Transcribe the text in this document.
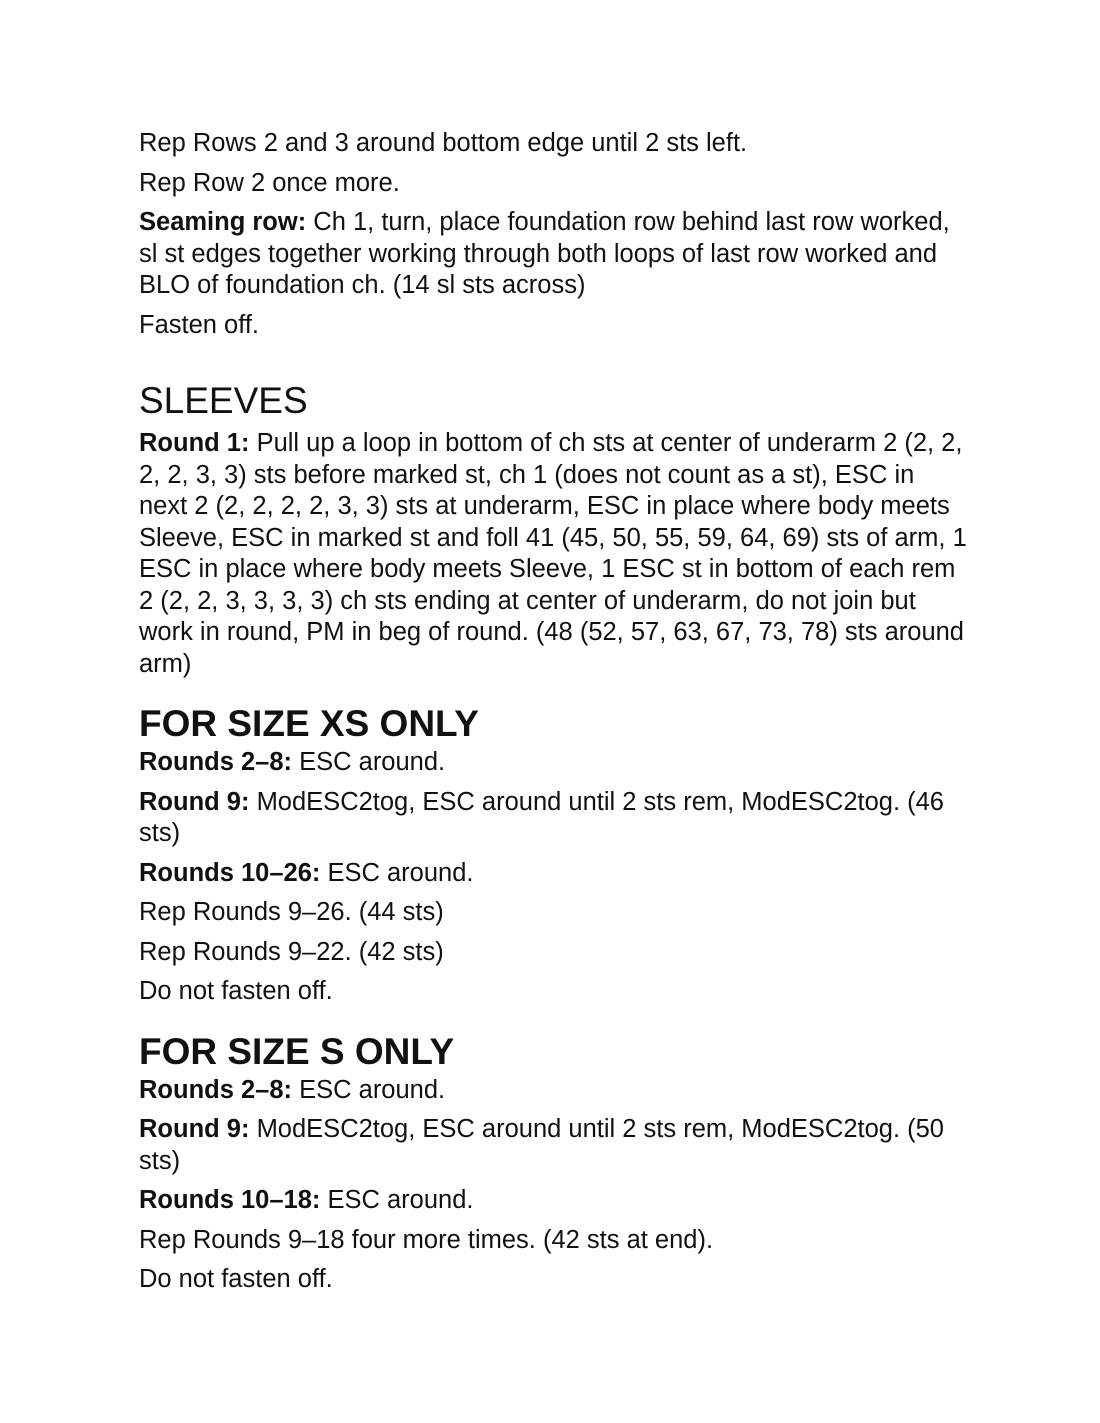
Rep Rows 2 and 3 around bottom edge until 2 sts left.

Rep Row 2 once more.

Seaming row: Ch 1, turn, place foundation row behind last row worked, sl st edges together working through both loops of last row worked and BLO of foundation ch. (14 sl sts across)

Fasten off.

SLEEVES

Round 1: Pull up a loop in bottom of ch sts at center of underarm 2 (2, 2, 2, 2, 3, 3) sts before marked st, ch 1 (does not count as a st), ESC in next 2 (2, 2, 2, 2, 3, 3) sts at underarm, ESC in place where body meets Sleeve, ESC in marked st and foll 41 (45, 50, 55, 59, 64, 69) sts of arm, 1 ESC in place where body meets Sleeve, 1 ESC st in bottom of each rem 2 (2, 2, 3, 3, 3, 3) ch sts ending at center of underarm, do not join but work in round, PM in beg of round. (48 (52, 57, 63, 67, 73, 78) sts around arm)

FOR SIZE XS ONLY

Rounds 2–8: ESC around.

Round 9: ModESC2tog, ESC around until 2 sts rem, ModESC2tog. (46 sts)

Rounds 10–26: ESC around.

Rep Rounds 9–26. (44 sts)

Rep Rounds 9–22. (42 sts)

Do not fasten off.

FOR SIZE S ONLY

Rounds 2–8: ESC around.

Round 9: ModESC2tog, ESC around until 2 sts rem, ModESC2tog. (50 sts)

Rounds 10–18: ESC around.

Rep Rounds 9–18 four more times. (42 sts at end).

Do not fasten off.
